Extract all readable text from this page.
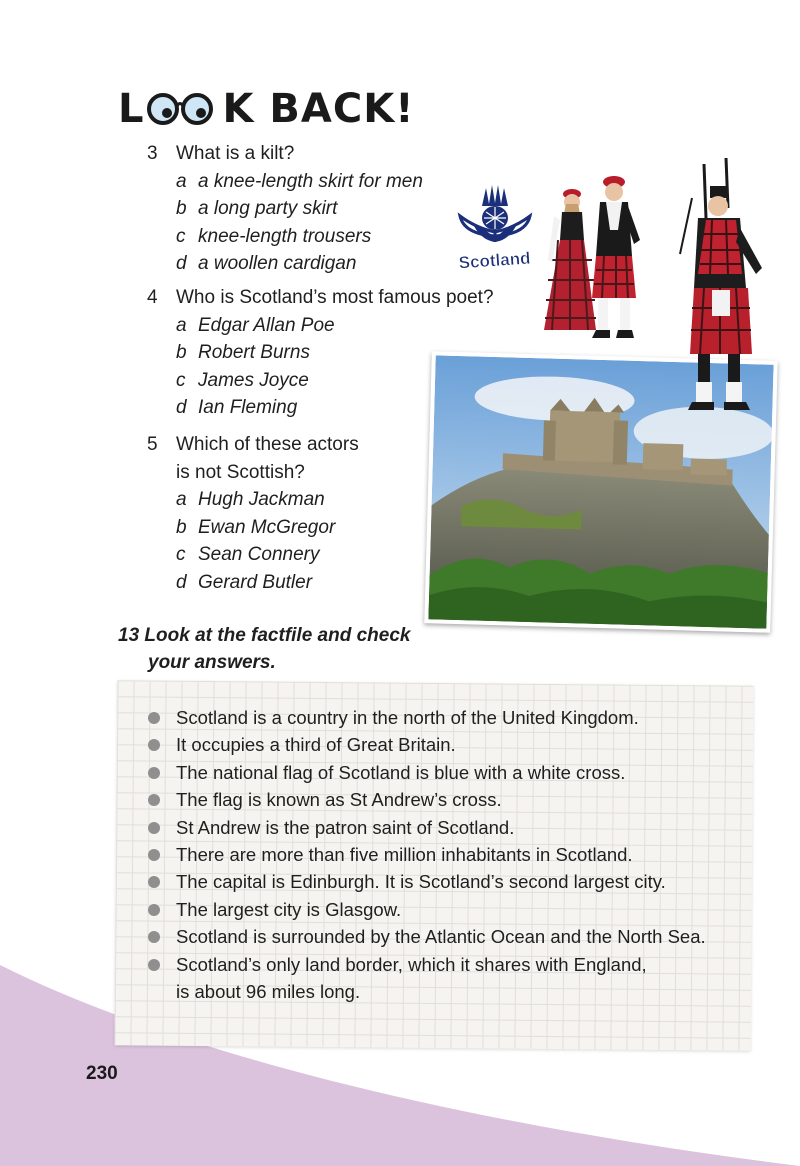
L K BACK!
3 What is a kilt?
a a knee-length skirt for men
b a long party skirt
c knee-length trousers
d a woollen cardigan
4 Who is Scotland’s most famous poet?
a Edgar Allan Poe
b Robert Burns
c James Joyce
d Ian Fleming
5 Which of these actors
is not Scottish?
a Hugh Jackman
b Ewan McGregor
c Sean Connery
d Gerard Butler
Scotland
13 Look at the factfile and check
your answers.
Scotland is a country in the north of the United Kingdom.
It occupies a third of Great Britain.
The national flag of Scotland is blue with a white cross.
The flag is known as St Andrew’s cross.
St Andrew is the patron saint of Scotland.
There are more than five million inhabitants in Scotland.
The capital is Edinburgh. It is Scotland’s second largest city.
The largest city is Glasgow.
Scotland is surrounded by the Atlantic Ocean and the North Sea.
Scotland’s only land border, which it shares with England,
is about 96 miles long.
230
